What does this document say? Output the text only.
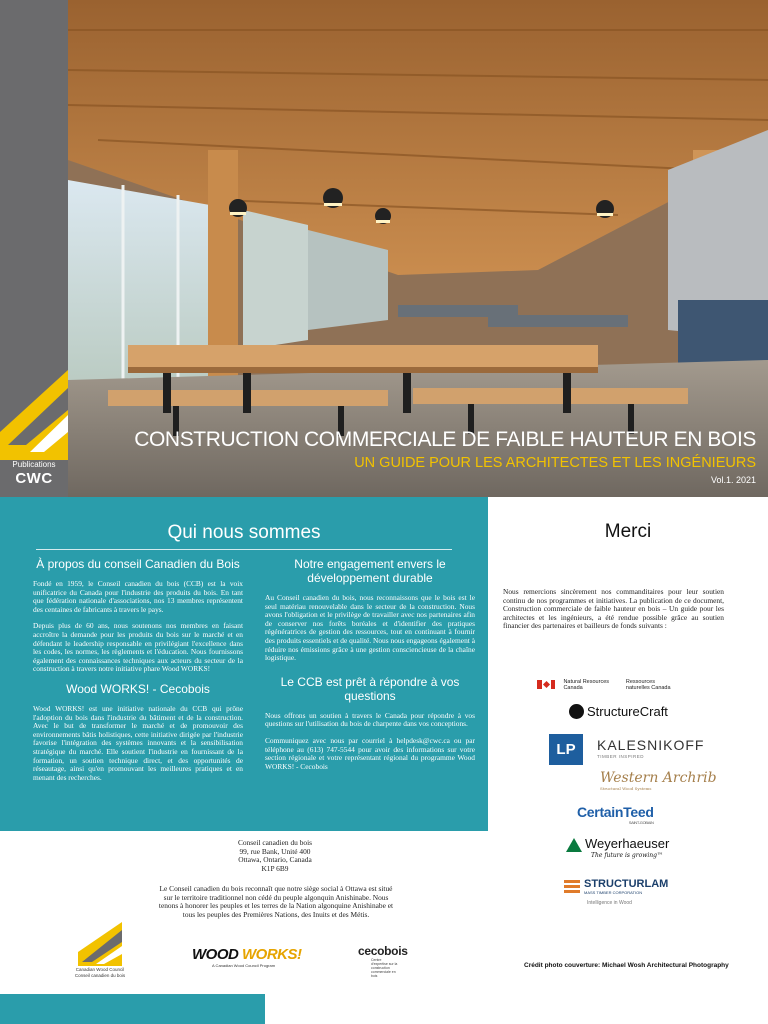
Publications
CWC
CONSTRUCTION COMMERCIALE DE FAIBLE HAUTEUR EN BOIS
UN GUIDE POUR LES ARCHITECTES ET LES INGÉNIEURS
Vol.1. 2021
Qui nous sommes
À propos du conseil Canadien du Bois

Fondé en 1959, le Conseil canadien du bois (CCB) est la voix unificatrice du Canada pour l'industrie des produits du bois. En tant que fédération nationale d'associations, nos 13 membres représentent des centaines de fabricants à travers le pays.

Depuis plus de 60 ans, nous soutenons nos membres en faisant accroître la demande pour les produits du bois sur le marché et en défendant le leadership responsable en privilégiant l'excellence dans les codes, les normes, les règlements et l'éducation. Nous fournissons également des connaissances techniques aux acteurs du secteur de la construction à travers notre initiative phare Wood WORKS!

Wood WORKS! - Cecobois

Wood WORKS! est une initiative nationale du CCB qui prône l'adoption du bois dans l'industrie du bâtiment et de la construction. Avec le but de transformer le marché et de promouvoir des environnements bâtis holistiques, cette initiative dirigée par l'industrie favorise l'intégration des systèmes innovants et la sensibilisation stratégique du marché. Elle soutient l'industrie en fournissant de la formation, un soutien technique direct, et des opportunités de réseautage, ainsi qu'en promouvant les meilleures pratiques et en menant des recherches.

Notre engagement envers le développement durable

Au Conseil canadien du bois, nous reconnaissons que le bois est le seul matériau renouvelable dans le secteur de la construction. Nous avons l'obligation et le privilège de travailler avec nos partenaires afin de conserver nos forêts boréales et d'identifier des pratiques régénératrices de gestion des ressources, tout en continuant à fournir des produits essentiels et de qualité. Nous nous engageons également à réduire nos émissions grâce à une gestion consciencieuse de la chaîne logistique.

Le CCB est prêt à répondre à vos questions

Nous offrons un soutien à travers le Canada pour répondre à vos questions sur l'utilisation du bois de charpente dans vos conceptions.

Communiquez avec nous par courriel à helpdesk@cwc.ca ou par téléphone au (613) 747-5544 pour avoir des informations sur votre section régionale et votre représentant régional du programme Wood WORKS! - Cecobois

Merci
Nous remercions sincèrement nos commanditaires pour leur soutien continu de nos programmes et initiatives. La publication de ce document, Construction commerciale de faible hauteur en bois – Un guide pour les architectes et les ingénieurs, a été rendue possible grâce au soutien financier des partenaires et bailleurs de fonds suivants :
Natural Resources Canada Ressources naturelles Canada
StructureCraft
LP	KALESNIKOFF
TIMBER INSPIRED
Western Archrib
Structural Wood Systems
CertainTeed
SAINT-GOBAIN
Weyerhaeuser
The future is growing™
STRUCTURLAM
MASS TIMBER CORPORATION
Intelligence in Wood
Crédit photo couverture: Michael Wosh Architectural Photography
Conseil canadien du bois
99, rue Bank, Unité 400
Ottawa, Ontario, Canada
K1P 6B9
Le Conseil canadien du bois reconnaît que notre siège social à Ottawa est situé sur le territoire traditionnel non cédé du peuple algonquin Anishinabe. Nous tenons à honorer les peuples et les terres de la Nation algonquine Anishinabe et tous les peuples des Premières Nations, des Inuits et des Métis.
Canadian Wood Council
Conseil canadien du bois
WOOD WORKS!
A Canadian Wood Council Program
cecobois
Centre d'expertise sur la construction commerciale en bois
